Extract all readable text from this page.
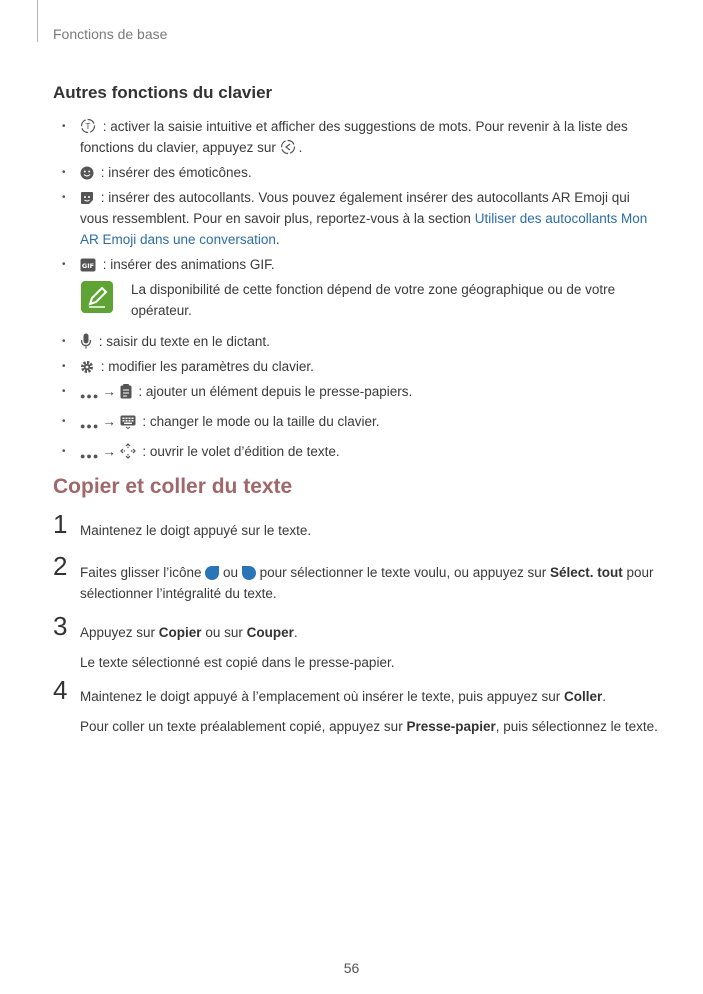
Fonctions de base
Autres fonctions du clavier
• T : activer la saisie intuitive et afficher des suggestions de mots. Pour revenir à la liste des fonctions du clavier, appuyez sur .
• : insérer des émoticônes.
• : insérer des autocollants. Vous pouvez également insérer des autocollants AR Emoji qui vous ressemblent. Pour en savoir plus, reportez-vous à la section Utiliser des autocollants Mon AR Emoji dans une conversation.
• GIF : insérer des animations GIF.
La disponibilité de cette fonction dépend de votre zone géographique ou de votre opérateur.
• : saisir du texte en le dictant.
• : modifier les paramètres du clavier.
• ●●● →  : ajouter un élément depuis le presse-papiers.
• ●●● →  : changer le mode ou la taille du clavier.
• ●●● →  : ouvrir le volet d’édition de texte.
Copier et coller du texte
1 Maintenez le doigt appuyé sur le texte.
2 Faites glisser l’icône  ou  pour sélectionner le texte voulu, ou appuyez sur Sélect. tout pour sélectionner l’intégralité du texte.
3 Appuyez sur Copier ou sur Couper.
Le texte sélectionné est copié dans le presse-papier.
4 Maintenez le doigt appuyé à l’emplacement où insérer le texte, puis appuyez sur Coller.
Pour coller un texte préalablement copié, appuyez sur Presse-papier, puis sélectionnez le texte.
56
